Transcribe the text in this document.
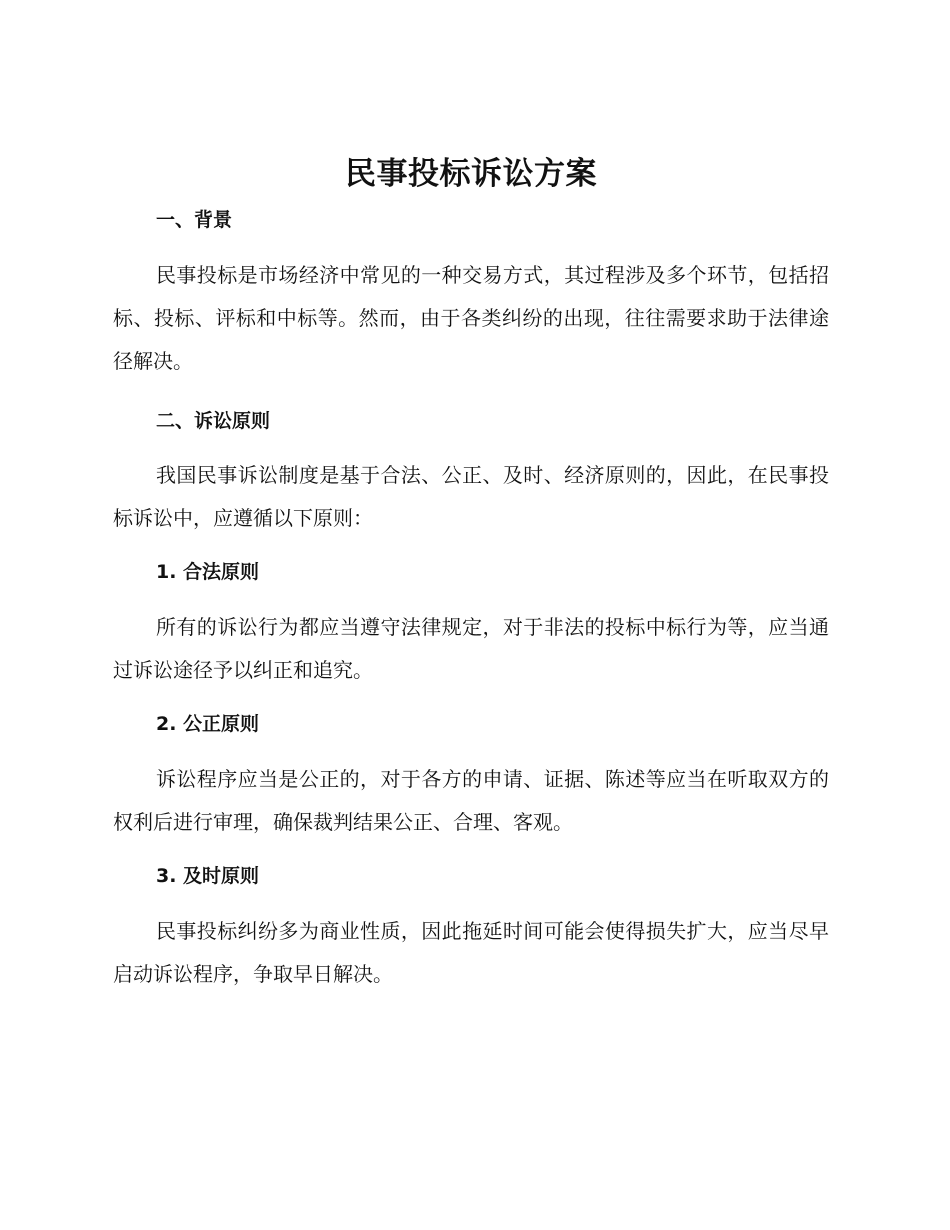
民事投标诉讼方案
一、背景

民事投标是市场经济中常见的一种交易方式，其过程涉及多个环节，包括招标、投标、评标和中标等。然而，由于各类纠纷的出现，往往需要求助于法律途径解决。

二、诉讼原则

我国民事诉讼制度是基于合法、公正、及时、经济原则的，因此，在民事投标诉讼中，应遵循以下原则：

1. 合法原则

所有的诉讼行为都应当遵守法律规定，对于非法的投标中标行为等，应当通过诉讼途径予以纠正和追究。

2. 公正原则

诉讼程序应当是公正的，对于各方的申请、证据、陈述等应当在听取双方的权利后进行审理，确保裁判结果公正、合理、客观。

3. 及时原则

民事投标纠纷多为商业性质，因此拖延时间可能会使得损失扩大，应当尽早启动诉讼程序，争取早日解决。
